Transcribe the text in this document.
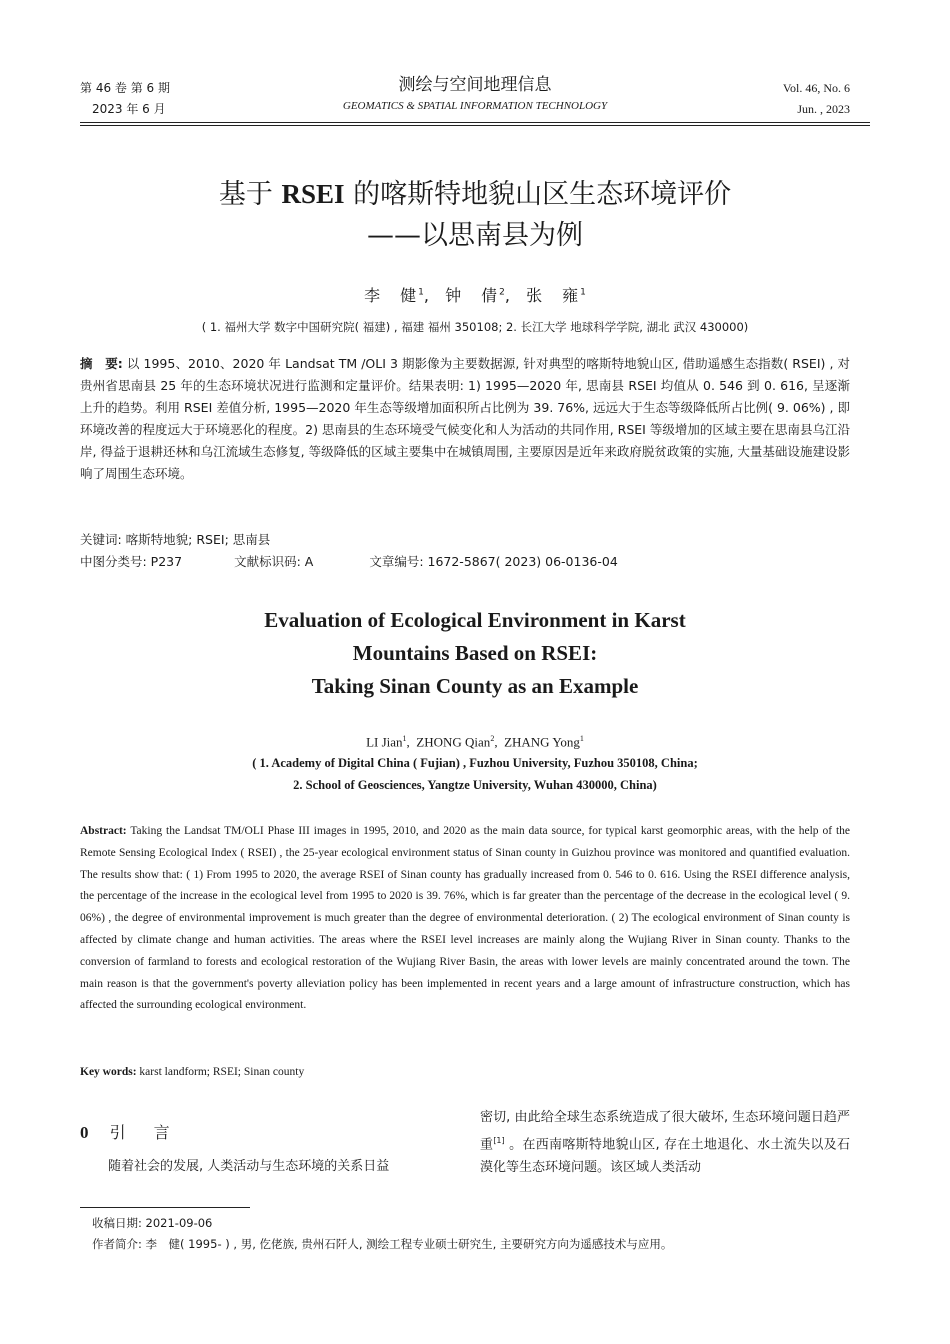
第 46 卷 第 6 期
2023 年 6 月
测绘与空间地理信息
GEOMATICS & SPATIAL INFORMATION TECHNOLOGY
Vol. 46, No. 6
Jun. , 2023
基于 RSEI 的喀斯特地貌山区生态环境评价
——以思南县为例
李　健$^1$,  钟　倩$^2$,  张　雍$^1$
( 1. 福州大学 数字中国研究院( 福建) , 福建 福州 350108; 2. 长江大学 地球科学学院, 湖北 武汉 430000)
摘　要: 以 1995、2010、2020 年 Landsat TM /OLI 3 期影像为主要数据源, 针对典型的喀斯特地貌山区, 借助遥感生态指数( RSEI) , 对贵州省思南县 25 年的生态环境状况进行监测和定量评价。结果表明: 1) 1995—2020 年, 思南县 RSEI 均值从 0. 546 到 0. 616, 呈逐渐上升的趋势。利用 RSEI 差值分析, 1995—2020 年生态等级增加面积所占比例为 39. 76%, 远远大于生态等级降低所占比例( 9. 06%) , 即环境改善的程度远大于环境恶化的程度。2) 思南县的生态环境受气候变化和人为活动的共同作用, RSEI 等级增加的区域主要在思南县乌江沿岸, 得益于退耕还林和乌江流域生态修复, 等级降低的区域主要集中在城镇周围, 主要原因是近年来政府脱贫政策的实施, 大量基础设施建设影响了周围生态环境。
关键词: 喀斯特地貌; RSEI; 思南县
中图分类号: P237	文献标识码: A	文章编号: 1672-5867( 2023) 06-0136-04
Evaluation of Ecological Environment in Karst
Mountains Based on RSEI:
Taking Sinan County as an Example
LI Jian$^1$,  ZHONG Qian$^2$,  ZHANG Yong$^1$
( 1. Academy of Digital China ( Fujian) , Fuzhou University, Fuzhou 350108, China;
2. School of Geosciences, Yangtze University, Wuhan 430000, China)
Abstract: Taking the Landsat TM/OLI Phase III images in 1995, 2010, and 2020 as the main data source, for typical karst geomorphic areas, with the help of the Remote Sensing Ecological Index ( RSEI) , the 25-year ecological environment status of Sinan county in Guizhou province was monitored and quantified evaluation. The results show that: ( 1) From 1995 to 2020, the average RSEI of Sinan county has gradually increased from 0. 546 to 0. 616. Using the RSEI difference analysis, the percentage of the increase in the ecological level from 1995 to 2020 is 39. 76%, which is far greater than the percentage of the decrease in the ecological level ( 9. 06%) , the degree of environmental improvement is much greater than the degree of environmental deterioration. ( 2) The ecological environment of Sinan county is affected by climate change and human activities. The areas where the RSEI level increases are mainly along the Wujiang River in Sinan county. Thanks to the conversion of farmland to forests and ecological restoration of the Wujiang River Basin, the areas with lower levels are mainly concentrated around the town. The main reason is that the government's poverty alleviation policy has been implemented in recent years and a large amount of infrastructure construction, which has affected the surrounding ecological environment.
Key words: karst landform; RSEI; Sinan county
0 引　言
随着社会的发展, 人类活动与生态环境的关系日益
密切, 由此给全球生态系统造成了很大破坏, 生态环境问题日趋严重[1] 。在西南喀斯特地貌山区, 存在土地退化、水土流失以及石漠化等生态环境问题。该区域人类活动
收稿日期: 2021-09-06
作者简介: 李　健( 1995- ) , 男, 仡佬族, 贵州石阡人, 测绘工程专业硕士研究生, 主要研究方向为遥感技术与应用。
